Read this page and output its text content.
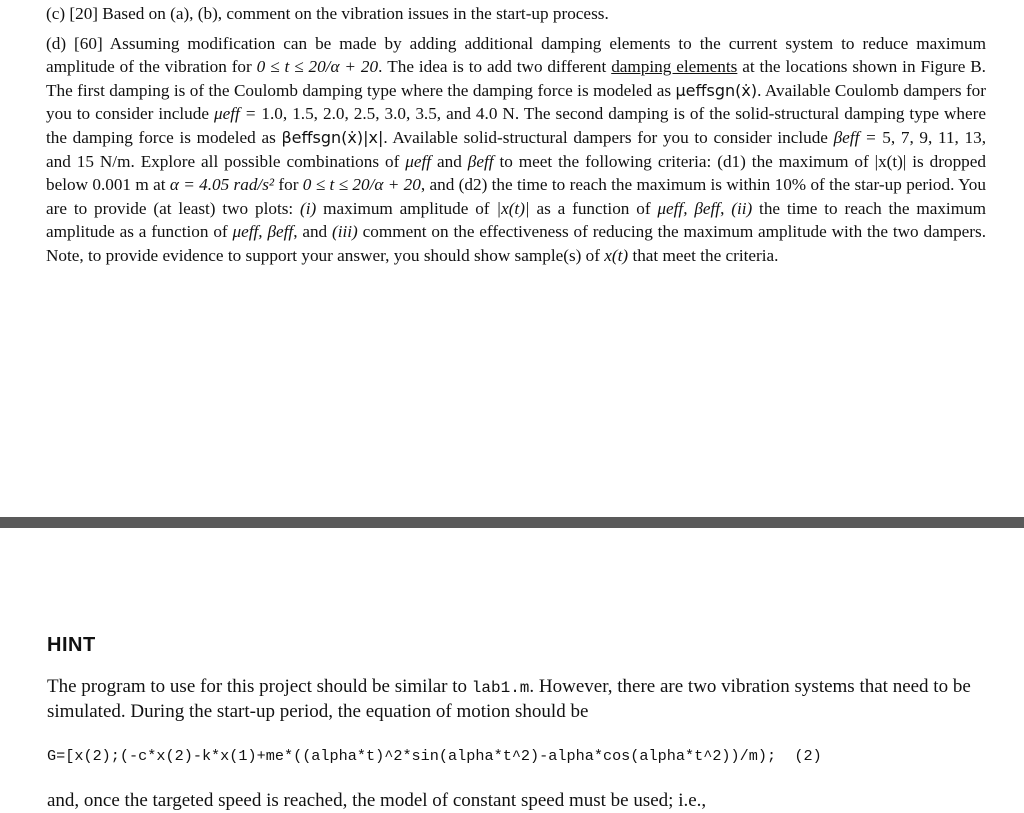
(c) [20] Based on (a), (b), comment on the vibration issues in the start-up process.

(d) [60] Assuming modification can be made by adding additional damping elements to the current system to reduce maximum amplitude of the vibration for 0 ≤ t ≤ 20/α + 20. The idea is to add two different damping elements at the locations shown in Figure B. The first damping is of the Coulomb damping type where the damping force is modeled as μeffsgn(ẋ). Available Coulomb dampers for you to consider include μeff = 1.0, 1.5, 2.0, 2.5, 3.0, 3.5, and 4.0 N. The second damping is of the solid-structural damping type where the damping force is modeled as βeffsgn(ẋ)|x|. Available solid-structural dampers for you to consider include βeff = 5, 7, 9, 11, 13, and 15 N/m. Explore all possible combinations of μeff and βeff to meet the following criteria: (d1) the maximum of |x(t)| is dropped below 0.001 m at α = 4.05 rad/s² for 0 ≤ t ≤ 20/α + 20, and (d2) the time to reach the maximum is within 10% of the star-up period. You are to provide (at least) two plots: (i) maximum amplitude of |x(t)| as a function of μeff, βeff, (ii) the time to reach the maximum amplitude as a function of μeff, βeff, and (iii) comment on the effectiveness of reducing the maximum amplitude with the two dampers. Note, to provide evidence to support your answer, you should show sample(s) of x(t) that meet the criteria.

HINT
The program to use for this project should be similar to lab1.m. However, there are two vibration systems that need to be simulated. During the start-up period, the equation of motion should be
G=[x(2);(-c*x(2)-k*x(1)+me*((alpha*t)^2*sin(alpha*t^2)-alpha*cos(alpha*t^2))/m);  (2)
and, once the targeted speed is reached, the model of constant speed must be used; i.e.,
